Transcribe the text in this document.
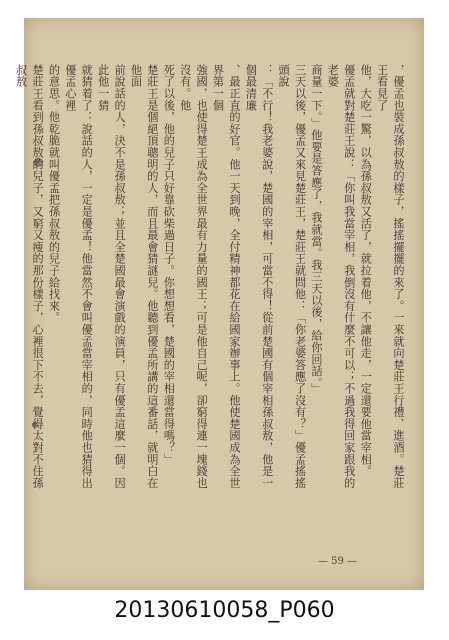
，優孟也裝成孫叔敖的樣子，搖搖擺擺的來了。一來就向楚莊王行禮、進酒。楚莊王看見了
他，大吃一驚，以為孫叔敖又活了，就拉着他，不讓他走，一定還要他當宰相。
優孟就對楚莊王說：「你叫我當宰相，我倒沒有什麼不可以；不過我得回家跟我的老婆
商量一下。」他要是答應了，我就當。我三天以後，給你回話。」
三天以後，優孟又來見楚莊王，楚莊王就問他：「你老婆答應了沒有？」優孟搖搖頭說
：「不行！我老婆說，楚國的宰相，可當不得！從前楚國有個宰相孫叔敖，他是一個最清廉
、最正直的好官。他一天到晚，全付精神都花在給國家辦事上。他使楚國成為全世界第一個
強國，也使得楚王成為全世界最有力量的國王；可是他自己呢，卻窮得連一塊錢也沒有。他
死了以後，他的兒子只好靠砍柴過日子。你想想看，楚國的宰相還當得嗎？」
楚莊王是個絕頂聰明的人，而且最會猜謎兒。他聽到優孟所講的這番話，就明白在他面
前說話的人，決不是孫叔敖；並且全楚國最會演戲的演員，只有優孟這麼一個。因此他一猜
就猜着了：說話的人，一定是優孟！他當然不會叫優孟當宰相的，同時他也猜得出優孟心裡
的意思。他乾脆就叫優孟把孫叔敖的兒子給找來。
楚莊王看到孫叔敖的兒子，又窮又瘦的那份樣子，心裡很下不去，覺得太對不住孫叔敖
— 59 —
20130610058_P060
